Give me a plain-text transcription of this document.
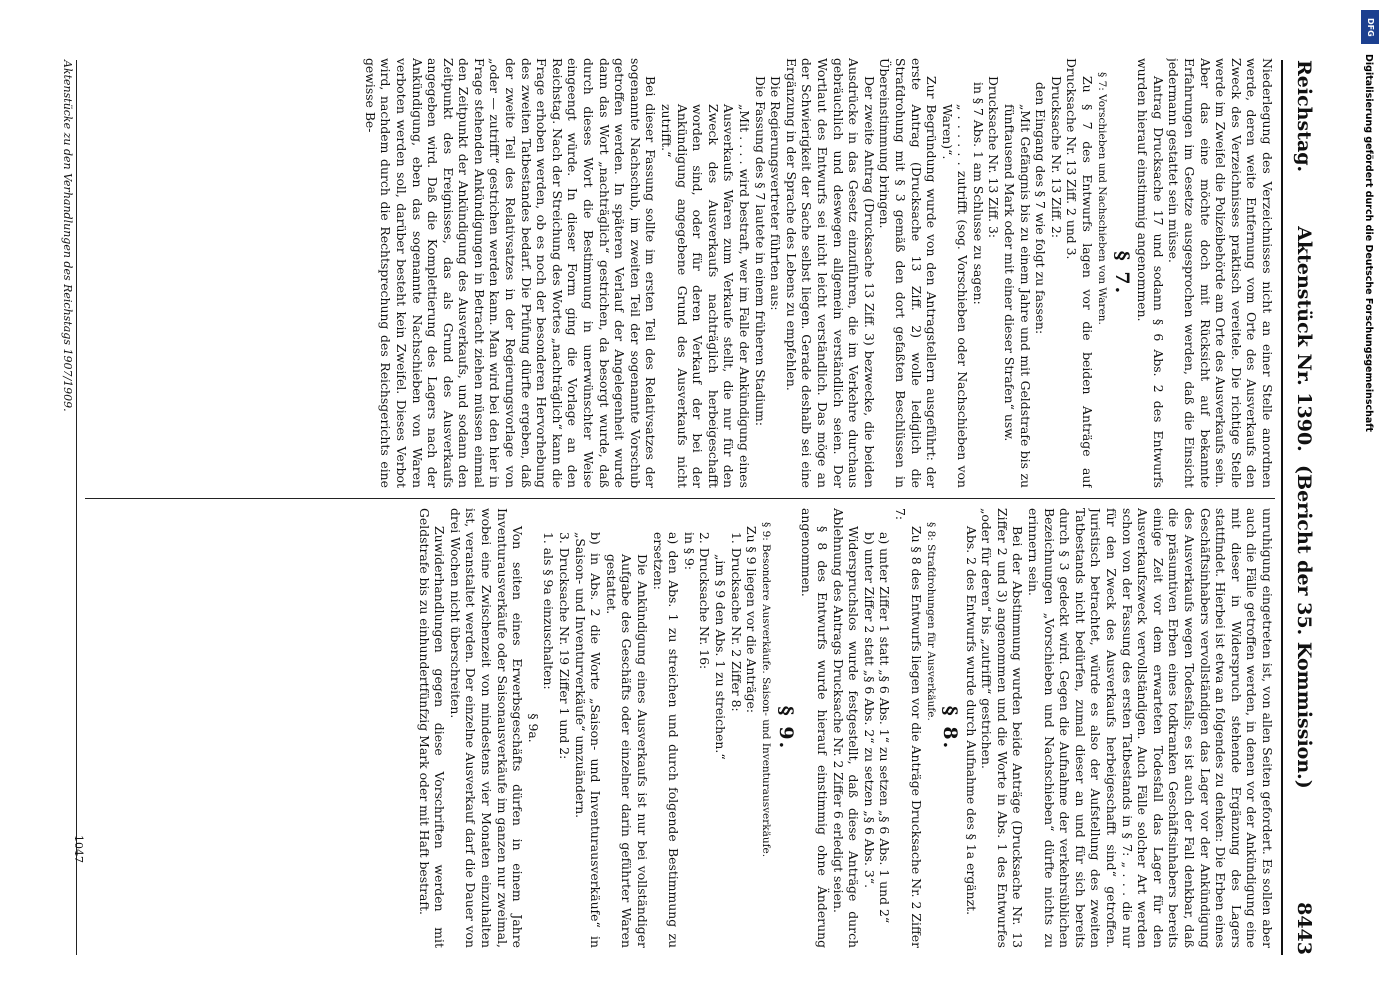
Reichstag.
Aktenstück Nr. 1390.  (Bericht der 35. Kommission.)
8443

Niederlegung des Verzeichnisses nicht an einer Stelle anordnen werde, deren weite Entfernung vom Orte des Ausverkaufs den Zweck des Verzeichnisses praktisch vereitele. Die richtige Stelle werde im Zweifel die Polizeibehörde am Orte des Ausverkaufs sein. Aber das eine möchte doch mit Rücksicht auf bekannte Erfahrungen im Gesetze ausgesprochen werden, daß die Einsicht jedermann gestattet sein müsse.

Antrag Drucksache 17 und sodann § 6 Abs. 2 des Entwurfs wurden hierauf einstimmig angenommen.

§ 7.

§ 7: Vorschieben und Nachschieben von Waren.

Zu § 7 des Entwurfs lagen vor die beiden Anträge auf Drucksache Nr. 13 Ziff. 2 und 3.

Drucksache Nr. 13 Ziff. 2:

den Eingang des § 7 wie folgt zu fassen:

„Mit Gefängnis bis zu einem Jahre und mit Geldstrafe bis zu fünftausend Mark oder mit einer dieser Strafen“ usw.

Drucksache Nr. 13 Ziff. 3:

in § 7 Abs. 1 am Schlusse zu sagen:

„ . . . . . . zutrifft (sog. Vorschieben oder Nachschieben von Waren)“.

Zur Begründung wurde von den Antragstellern ausgeführt: der erste Antrag (Drucksache 13 Ziff. 2) wolle lediglich die Strafdrohung mit § 3 gemäß den dort gefaßten Beschlüssen in Übereinstimmung bringen.

Der zweite Antrag (Drucksache 13 Ziff. 3) bezwecke, die beiden Ausdrücke in das Gesetz einzuführen, die im Verkehre durchaus gebräuchlich und deswegen allgemein verständlich seien. Der Wortlaut des Entwurfs sei nicht leicht verständlich. Das möge an der Schwierigkeit der Sache selbst liegen. Gerade deshalb sei eine Ergänzung in der Sprache des Lebens zu empfehlen.

Die Regierungsvertreter führten aus:

Die Fassung des § 7 lautete in einem früheren Stadium:

„Mit . . . . wird bestraft, wer im Falle der Ankündigung eines Ausverkaufs Waren zum Verkaufe stellt, die nur für den Zweck des Ausverkaufs nachträglich herbeigeschafft worden sind, oder für deren Verkauf der bei der Ankündigung angegebene Grund des Ausverkaufs nicht zutrifft.“

Bei dieser Fassung sollte im ersten Teil des Relativsatzes der sogenannte Nachschub, im zweiten Teil der sogenannte Vorschub getroffen werden. In späteren Verlauf der Angelegenheit wurde dann das Wort „nachträglich“ gestrichen, da besorgt wurde, daß durch dieses Wort die Bestimmung in unerwünschter Weise eingeengt würde. In dieser Form ging die Vorlage an den Reichstag. Nach der Streichung des Wortes „nachträglich“ kann die Frage erhoben werden, ob es noch der besonderen Hervorhebung des zweiten Tatbestandes bedarf. Die Prüfung dürfte ergeben, daß der zweite Teil des Relativsatzes in der Regierungsvorlage von „oder — zutrifft“ gestrichen werden kann. Man wird bei den hier in Frage stehenden Ankündigungen in Betracht ziehen müssen einmal den Zeitpunkt der Ankündigung des Ausverkaufs, und sodann den Zeitpunkt des Ereignisses, das als Grund des Ausverkaufs angegeben wird. Daß die Komplettierung des Lagers nach der Ankündigung, eben das sogenannte Nachschieben von Waren verboten werden soll, darüber besteht kein Zweifel. Dieses Verbot wird, nachdem durch die Rechtsprechung des Reichsgerichts eine gewisse Be-

unruhigung eingetreten ist, von allen Seiten gefordert. Es sollen aber auch die Fälle getroffen werden, in denen vor der Ankündigung eine mit dieser in Widerspruch stehende Ergänzung des Lagers stattfindet. Hierbei ist etwa an folgendes zu denken: Die Erben eines Geschäftsinhabers vervollständigen das Lager vor der Ankündigung des Ausverkaufs wegen Todesfalls; es ist auch der Fall denkbar, daß die präsumtiven Erben eines todkranken Geschäftsinhabers bereits einige Zeit vor dem erwarteten Todesfall das Lager für den Ausverkaufszweck vervollständigen. Auch Fälle solcher Art werden schon von der Fassung des ersten Tatbestands in § 7: „ . . . die nur für den Zweck des Ausverkaufs herbeigeschafft sind“ getroffen. Juristisch betrachtet, würde es also der Aufstellung des zweiten Tatbestands nicht bedürfen, zumal dieser an und für sich bereits durch § 3 gedeckt wird. Gegen die Aufnahme der verkehrsüblichen Bezeichnungen „Vorschieben und Nachschieben“ dürfte nichts zu erinnern sein.

Bei der Abstimmung wurden beide Anträge (Drucksache Nr. 13 Ziffer 2 und 3) angenommen und die Worte in Abs. 1 des Entwurfes „oder für deren“ bis „zutrifft“ gestrichen.

Abs. 2 des Entwurfs wurde durch Aufnahme des § 1a ergänzt.

§ 8.

§ 8: Strafdrohungen für Ausverkäufe.

Zu § 8 des Entwurfs liegen vor die Anträge Drucksache Nr. 2 Ziffer 7:

a) unter Ziffer 1 statt „§ 6 Abs. 1“ zu setzen „§ 6 Abs. 1 und 2“

b) unter Ziffer 2 statt „§ 6 Abs. 2“ zu setzen „§ 6 Abs. 3“.

Widerspruchslos wurde festgestellt, daß diese Anträge durch Ablehnung des Antrags Drucksache Nr. 2 Ziffer 6 erledigt seien.

§ 8 des Entwurfs wurde hierauf einstimmig ohne Änderung angenommen.

§ 9.

§ 9: Besondere Ausverkäufe. Saison- und Inventurausverkäufe.

Zu § 9 liegen vor die Anträge:

1. Drucksache Nr. 2 Ziffer 8:

„im § 9 den Abs. 1 zu streichen.“

2. Drucksache Nr. 16:

in § 9:

a) den Abs. 1 zu streichen und durch folgende Bestimmung zu ersetzen:

Die Ankündigung eines Ausverkaufs ist nur bei vollständiger Aufgabe des Geschäfts oder einzelner darin geführter Waren gestattet.

b) in Abs. 2 die Worte „Saison- und Inventurausverkäufe“ in „Saison- und Inventurverkäufe“ umzuändern.

3. Drucksache Nr. 19 Ziffer 1 und 2:

1. als § 9a einzuschalten:

§ 9a.

Von seiten eines Erwerbsgeschäfts dürfen in einem Jahre Inventurausverkäufe oder Saisonausverkäufe im ganzen nur zweimal, wobei eine Zwischenzeit von mindestens vier Monaten einzuhalten ist, veranstaltet werden. Der einzelne Ausverkauf darf die Dauer von drei Wochen nicht überschreiten.

Zuwiderhandlungen gegen diese Vorschriften werden mit Geldstrafe bis zu einhundertfünfzig Mark oder mit Haft bestraft.

Aktenstücke zu den Verhandlungen des Reichstags 1907/1909.
1047
DFG
Digitalisierung gefördert durch die Deutsche Forschungsgemeinschaft
